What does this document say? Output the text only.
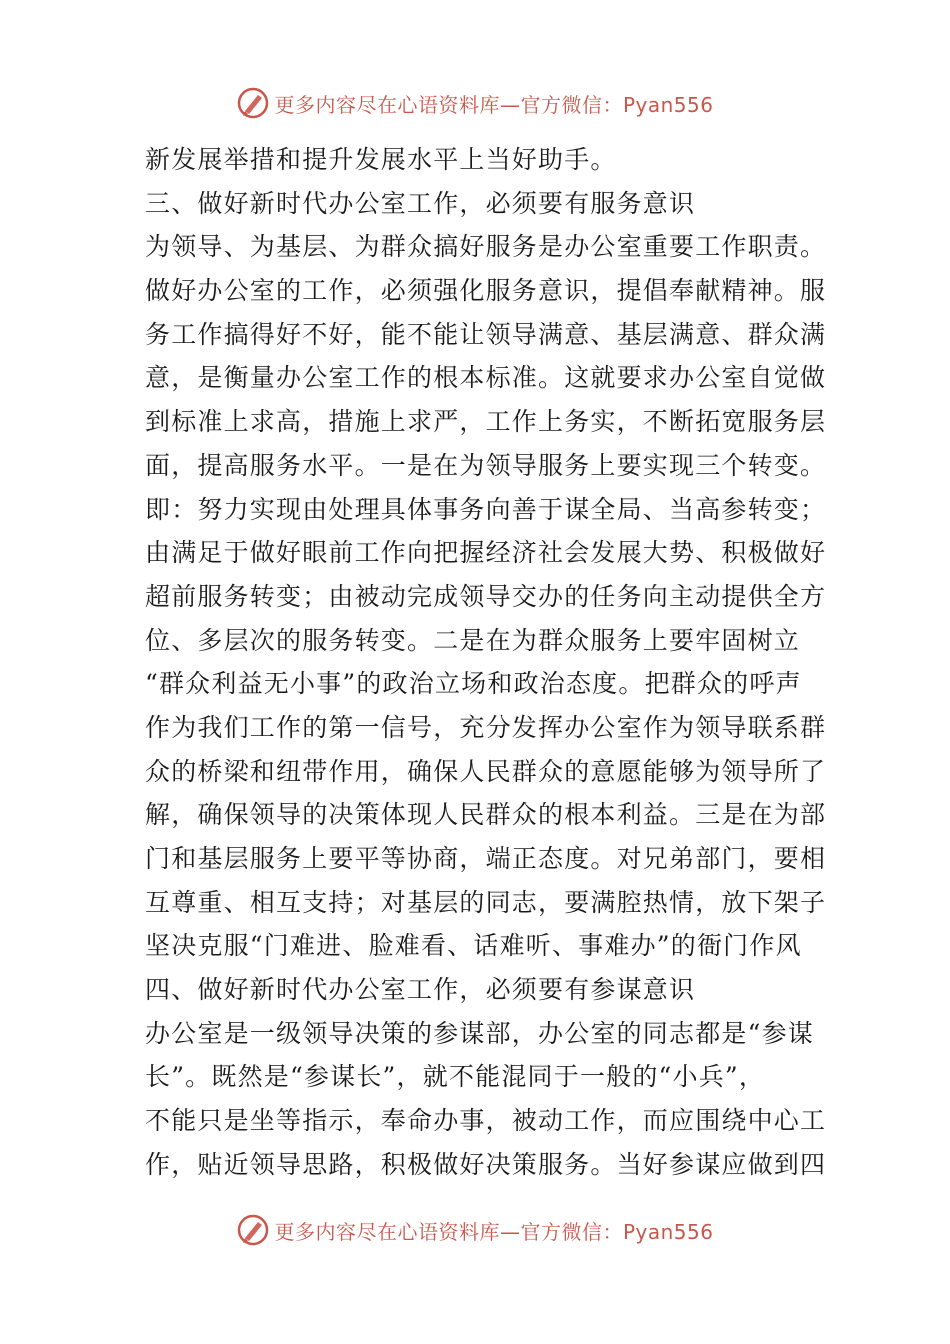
更多内容尽在心语资料库—官方微信：Pyan556
新发展举措和提升发展水平上当好助手。
三、做好新时代办公室工作，必须要有服务意识
为领导、为基层、为群众搞好服务是办公室重要工作职责。
做好办公室的工作，必须强化服务意识，提倡奉献精神。服
务工作搞得好不好，能不能让领导满意、基层满意、群众满
意，是衡量办公室工作的根本标准。这就要求办公室自觉做
到标准上求高，措施上求严，工作上务实，不断拓宽服务层
面，提高服务水平。一是在为领导服务上要实现三个转变。
即：努力实现由处理具体事务向善于谋全局、当高参转变；
由满足于做好眼前工作向把握经济社会发展大势、积极做好
超前服务转变；由被动完成领导交办的任务向主动提供全方
位、多层次的服务转变。二是在为群众服务上要牢固树立
“群众利益无小事”的政治立场和政治态度。把群众的呼声
作为我们工作的第一信号，充分发挥办公室作为领导联系群
众的桥梁和纽带作用，确保人民群众的意愿能够为领导所了
解，确保领导的决策体现人民群众的根本利益。三是在为部
门和基层服务上要平等协商，端正态度。对兄弟部门，要相
互尊重、相互支持；对基层的同志，要满腔热情，放下架子
坚决克服“门难进、脸难看、话难听、事难办”的衙门作风
四、做好新时代办公室工作，必须要有参谋意识
办公室是一级领导决策的参谋部，办公室的同志都是“参谋
长”。既然是“参谋长”，就不能混同于一般的“小兵”，
不能只是坐等指示，奉命办事，被动工作，而应围绕中心工
作，贴近领导思路，积极做好决策服务。当好参谋应做到四
更多内容尽在心语资料库—官方微信：Pyan556
